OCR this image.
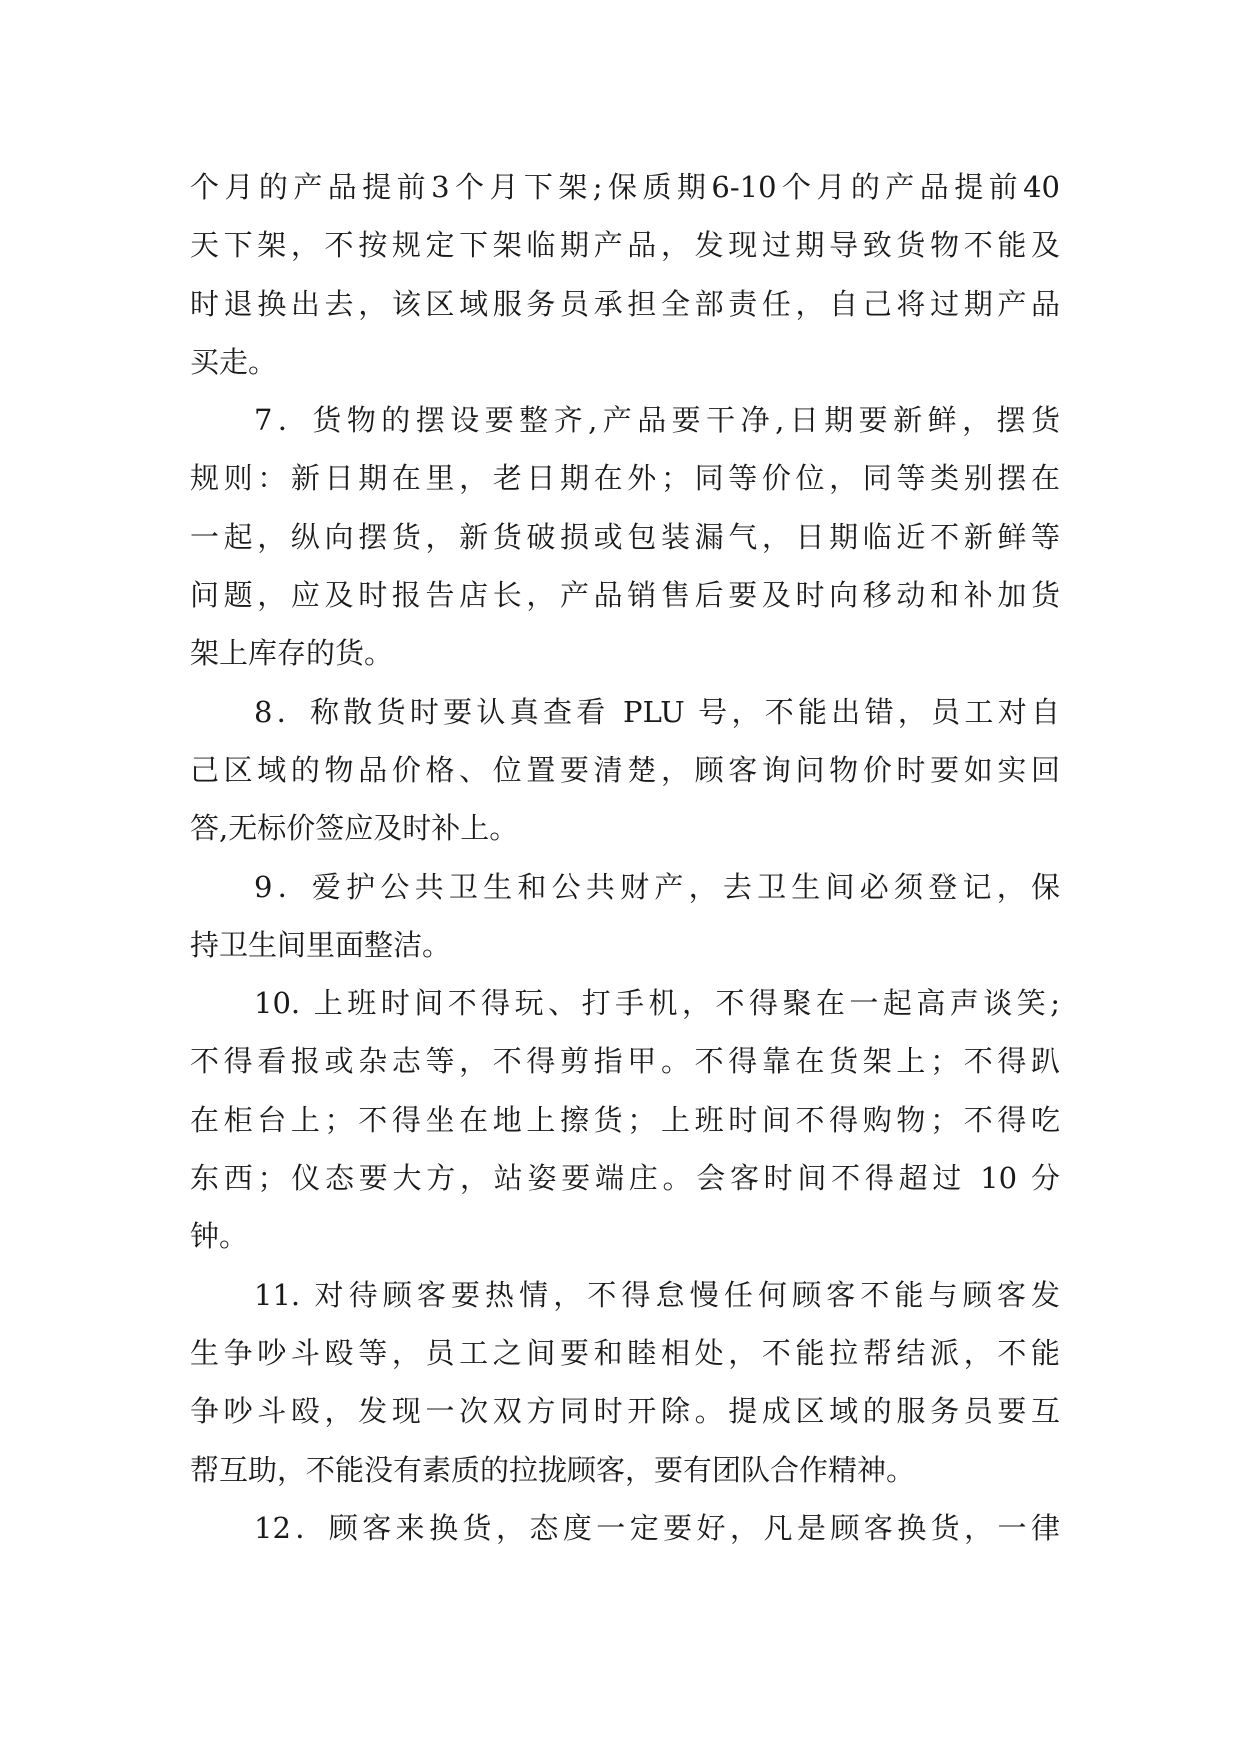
个月的产品提前3个月下架;保质期6-10个月的产品提前40
天下架，不按规定下架临期产品，发现过期导致货物不能及
时退换出去，该区域服务员承担全部责任，自己将过期产品
买走。
7．货物的摆设要整齐,产品要干净,日期要新鲜，摆货
规则：新日期在里，老日期在外；同等价位，同等类别摆在
一起，纵向摆货，新货破损或包装漏气，日期临近不新鲜等
问题，应及时报告店长，产品销售后要及时向移动和补加货
架上库存的货。
8．称散货时要认真查看 PLU 号，不能出错，员工对自
己区域的物品价格、位置要清楚，顾客询问物价时要如实回
答,无标价签应及时补上。
9．爱护公共卫生和公共财产，去卫生间必须登记，保
持卫生间里面整洁。
10. 上班时间不得玩、打手机，不得聚在一起高声谈笑;
不得看报或杂志等，不得剪指甲。不得靠在货架上；不得趴
在柜台上；不得坐在地上擦货；上班时间不得购物；不得吃
东西；仪态要大方，站姿要端庄。会客时间不得超过 10 分
钟。
11. 对待顾客要热情，不得怠慢任何顾客不能与顾客发
生争吵斗殴等，员工之间要和睦相处，不能拉帮结派，不能
争吵斗殴，发现一次双方同时开除。提成区域的服务员要互
帮互助，不能没有素质的拉拢顾客，要有团队合作精神。
12．顾客来换货，态度一定要好，凡是顾客换货，一律
